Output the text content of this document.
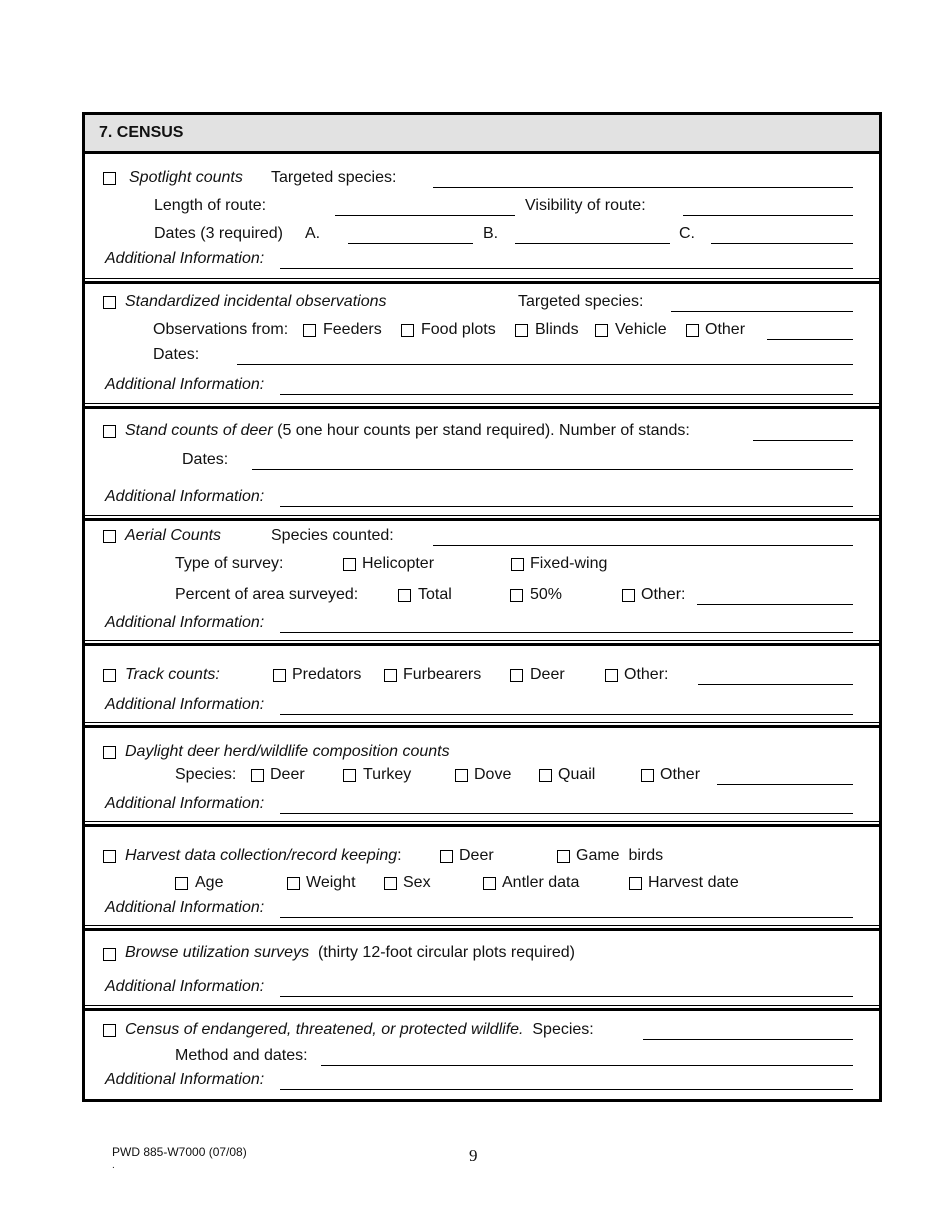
7. CENSUS
Spotlight counts Targeted species:
Length of route:	Visibility of route:
Dates (3 required) A.	B.	C.
Additional Information:
Standardized incidental observations	Targeted species:
Observations from: Feeders Food plots Blinds Vehicle Other
Dates:
Additional Information:
Stand counts of deer (5 one hour counts per stand required). Number of stands:
Dates:
Additional Information:
Aerial Counts	Species counted:
Type of survey:	Helicopter	Fixed-wing
Percent of area surveyed:	Total	50%	Other:
Additional Information:
Track counts:	Predators	Furbearers	Deer	Other:
Additional Information:
Daylight deer herd/wildlife composition counts
Species: Deer	Turkey	Dove	Quail	Other
Additional Information:
Harvest data collection/record keeping:	Deer	Game  birds
Age	Weight	Sex	Antler data	Harvest date
Additional Information:
Browse utilization surveys (thirty 12-foot circular plots required)
Additional Information:
Census of endangered, threatened, or protected wildlife. Species:
Method and dates:
Additional Information:
PWD 885-W7000 (07/08)
.
9
